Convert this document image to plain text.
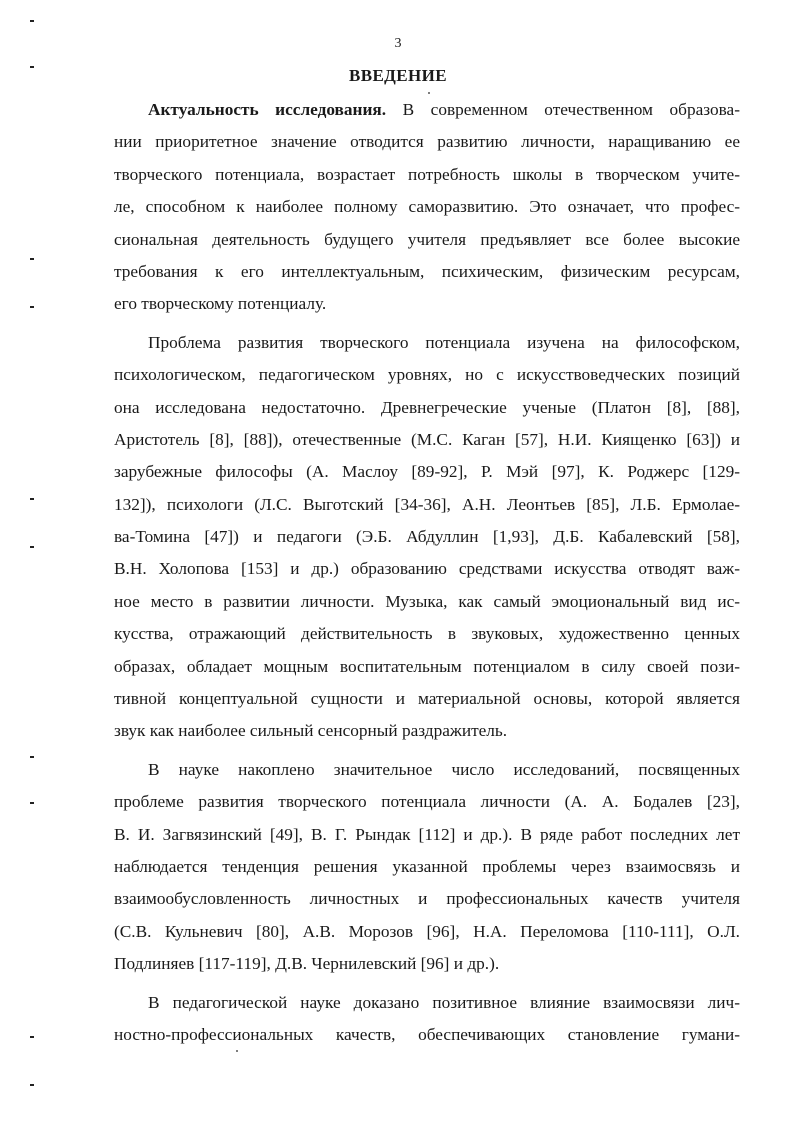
3
ВВЕДЕНИЕ
Актуальность исследования. В современном отечественном образова-
нии приоритетное значение отводится развитию личности, наращиванию ее
творческого потенциала, возрастает потребность школы в творческом учите-
ле, способном к наиболее полному саморазвитию. Это означает, что профес-
сиональная деятельность будущего учителя предъявляет все более высокие
требования к его интеллектуальным, психическим, физическим ресурсам,
его творческому потенциалу.
Проблема развития творческого потенциала изучена на философском,
психологическом, педагогическом уровнях, но с искусствоведческих позиций
она исследована недостаточно. Древнегреческие ученые (Платон [8], [88],
Аристотель [8], [88]), отечественные (М.С. Каган [57], Н.И. Киященко [63]) и
зарубежные философы (А. Маслоу [89-92], Р. Мэй [97], К. Роджерс [129-
132]), психологи (Л.С. Выготский [34-36], А.Н. Леонтьев [85], Л.Б. Ермолае-
ва-Томина [47]) и педагоги (Э.Б. Абдуллин [1,93], Д.Б. Кабалевский [58],
В.Н. Холопова [153] и др.) образованию средствами искусства отводят важ-
ное место в развитии личности. Музыка, как самый эмоциональный вид ис-
кусства, отражающий действительность в звуковых, художественно ценных
образах, обладает мощным воспитательным потенциалом в силу своей пози-
тивной концептуальной сущности и материальной основы, которой является
звук как наиболее сильный сенсорный раздражитель.
В науке накоплено значительное число исследований, посвященных
проблеме развития творческого потенциала личности (А. А. Бодалев [23],
В. И. Загвязинский [49], В. Г. Рындак [112] и др.). В ряде работ последних лет
наблюдается тенденция решения указанной проблемы через взаимосвязь и
взаимообусловленность личностных и профессиональных качеств учителя
(С.В. Кульневич [80], А.В. Морозов [96], Н.А. Переломова [110-111], О.Л.
Подлиняев [117-119], Д.В. Чернилевский [96] и др.).
В педагогической науке доказано позитивное влияние взаимосвязи лич-
ностно-профессиональных качеств, обеспечивающих становление гумани-
